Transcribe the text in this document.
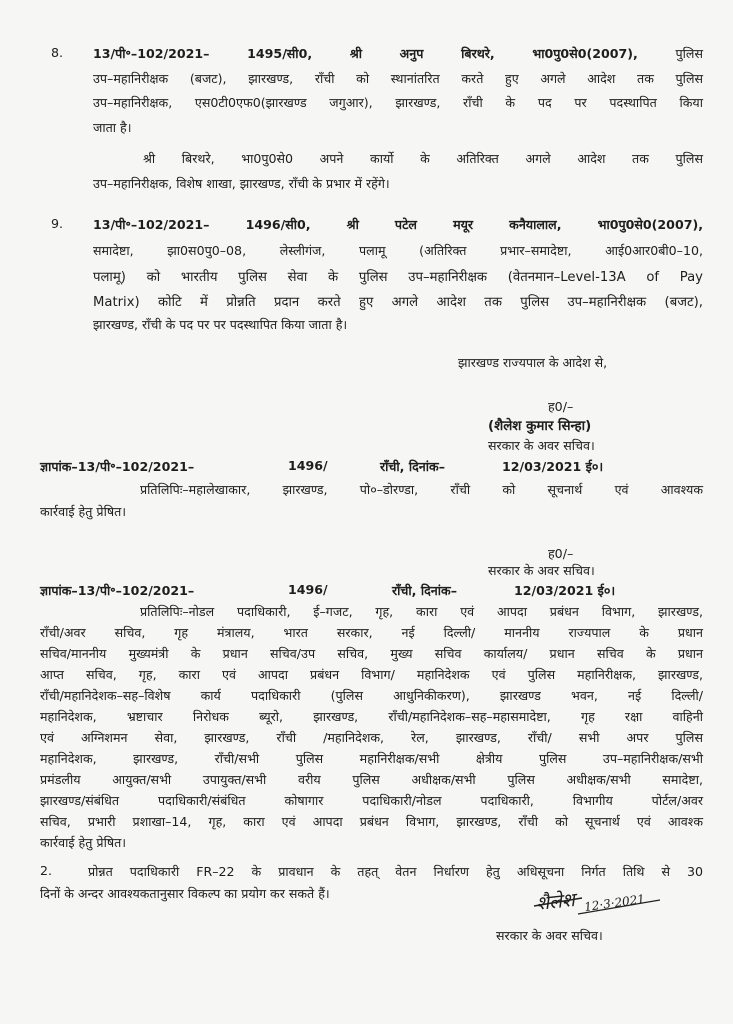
8. 13/पी॰–102/2021–	1495/सी0,	श्री अनुप बिरथरे, भा0पु0से0(2007),	पुलिस
उप–महानिरीक्षक (बजट), झारखण्ड, राँची को स्थानांतरित करते हुए अगले आदेश तक पुलिस
उप–महानिरीक्षक, एस0टी0एफ0(झारखण्ड जगुआर), झारखण्ड, राँची के पद पर पदस्थापित किया
जाता है।
श्री बिरथरे, भा0पु0से0 अपने कार्यो के अतिरिक्त अगले आदेश तक पुलिस
उप–महानिरीक्षक, विशेष शाखा, झारखण्ड, राँची के प्रभार में रहेंगे।
9. 13/पी॰–102/2021–	1496/सी0,	श्री पटेल मयूर कनैयालाल, भा0पु0से0(2007),
समादेष्टा, झा0स0पु0–08, लेस्लीगंज, पलामू (अतिरिक्त प्रभार–समादेष्टा, आई0आर0बी0–10,
पलामू) को भारतीय पुलिस सेवा के पुलिस उप–महानिरीक्षक (वेतनमान–Level-13A of Pay
Matrix) कोटि में प्रोन्नति प्रदान करते हुए अगले आदेश तक पुलिस उप–महानिरीक्षक (बजट),
झारखण्ड, राँची के पद पर पर पदस्थापित किया जाता है।
झारखण्ड राज्यपाल के आदेश से,
ह0/–
(शैलेश कुमार सिन्हा)
सरकार के अवर सचिव।
ज्ञापांक–13/पी॰–102/2021–	1496/	राँची, दिनांक–	12/03/2021 ई०।
प्रतिलिपिः–महालेखाकार, झारखण्ड, पो०–डोरण्डा, राँची को सूचनार्थ एवं आवश्यक
कार्रवाई हेतु प्रेषित।
ह0/–
सरकार के अवर सचिव।
ज्ञापांक–13/पी॰–102/2021–	1496/	राँची, दिनांक–	12/03/2021 ई०।
प्रतिलिपिः–नोडल पदाधिकारी, ई–गजट, गृह, कारा एवं आपदा प्रबंधन विभाग, झारखण्ड,
राँची/अवर सचिव, गृह मंत्रालय, भारत सरकार, नई दिल्ली/ माननीय राज्यपाल के प्रधान
सचिव/माननीय मुख्यमंत्री के प्रधान सचिव/उप सचिव, मुख्य सचिव कार्यालय/ प्रधान सचिव के प्रधान
आप्त सचिव, गृह, कारा एवं आपदा प्रबंधन विभाग/ महानिदेशक एवं पुलिस महानिरीक्षक, झारखण्ड,
राँची/महानिदेशक–सह–विशेष कार्य पदाधिकारी (पुलिस आधुनिकीकरण), झारखण्ड भवन, नई दिल्ली/
महानिदेशक, भ्रष्टाचार निरोधक ब्यूरो, झारखण्ड, राँची/महानिदेशक–सह–महासमादेष्टा, गृह रक्षा वाहिनी
एवं अग्निशमन सेवा, झारखण्ड, राँची /महानिदेशक, रेल, झारखण्ड, राँची/ सभी अपर पुलिस
महानिदेशक, झारखण्ड, राँची/सभी पुलिस महानिरीक्षक/सभी क्षेत्रीय पुलिस उप–महानिरीक्षक/सभी
प्रमंडलीय आयुक्त/सभी उपायुक्त/सभी वरीय पुलिस अधीक्षक/सभी पुलिस अधीक्षक/सभी समादेष्टा,
झारखण्ड/संबंधित पदाधिकारी/संबंधित कोषागार पदाधिकारी/नोडल पदाधिकारी, विभागीय पोर्टल/अवर
सचिव, प्रभारी प्रशाखा–14, गृह, कारा एवं आपदा प्रबंधन विभाग, झारखण्ड, राँची को सूचनार्थ एवं आवश्क
कार्रवाई हेतु प्रेषित।
2.	प्रोन्नत पदाधिकारी FR–22 के प्रावधान के तहत् वेतन निर्धारण हेतु अधिसूचना निर्गत तिथि से 30
दिनों के अन्दर आवश्यकतानुसार विकल्प का प्रयोग कर सकते हैं।	शैलेश 12·3·2021
सरकार के अवर सचिव।
